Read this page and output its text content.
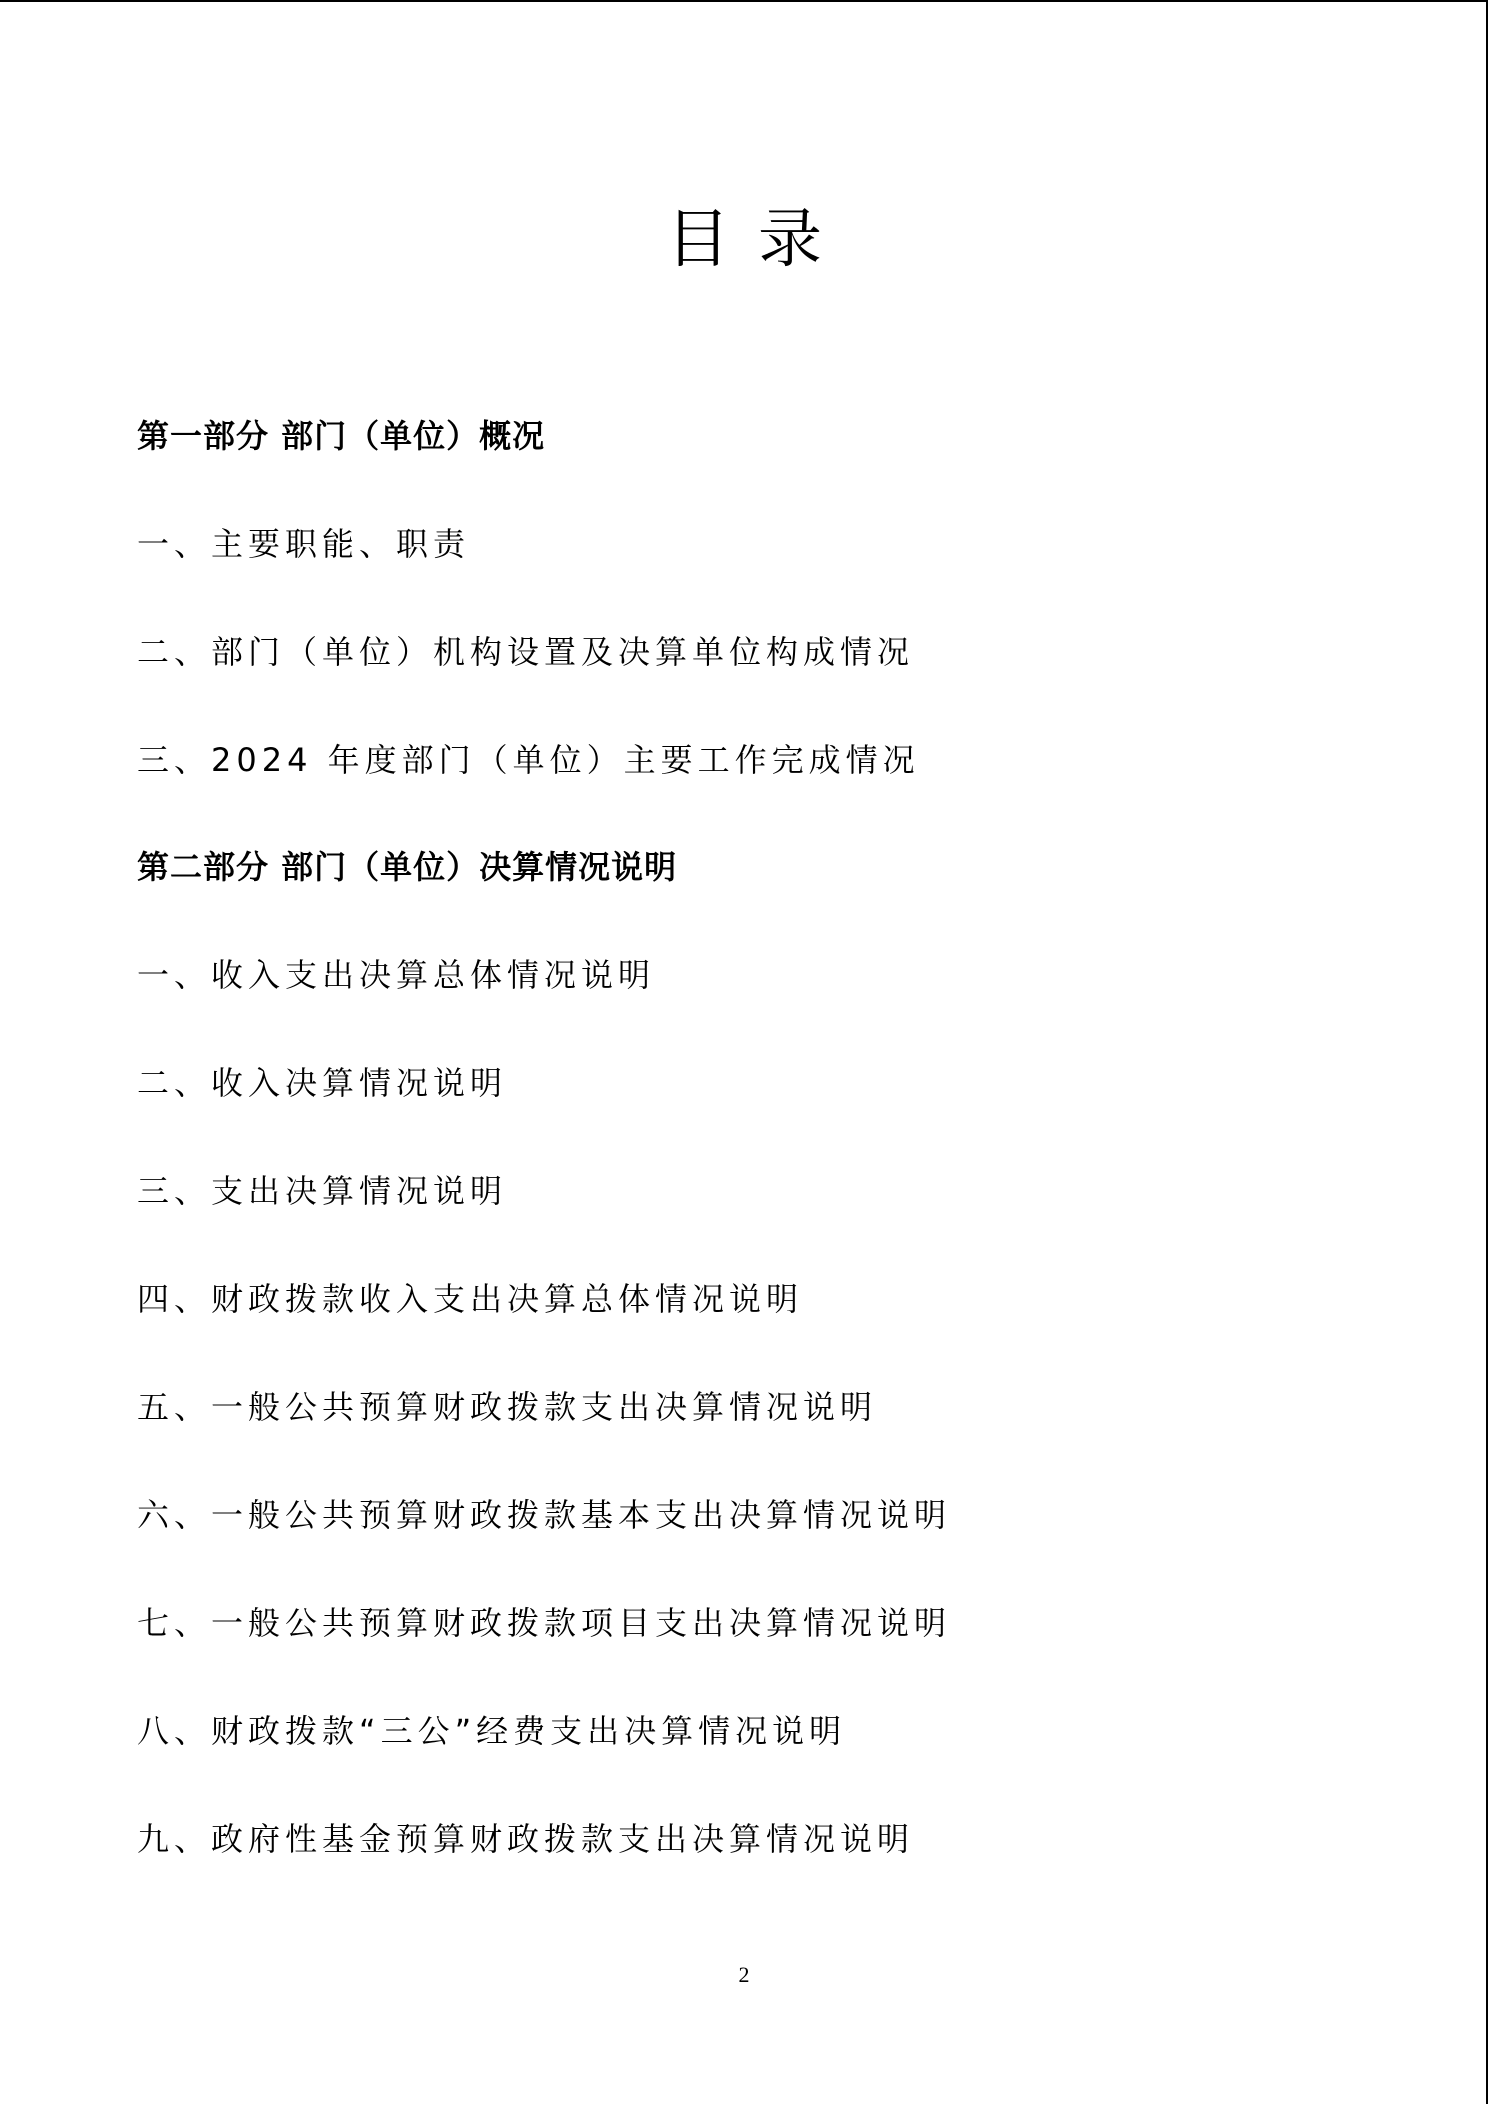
目录
第一部分 部门（单位）概况
一、主要职能、职责
二、部门（单位）机构设置及决算单位构成情况
三、2024 年度部门（单位）主要工作完成情况
第二部分 部门（单位）决算情况说明
一、收入支出决算总体情况说明
二、收入决算情况说明
三、支出决算情况说明
四、财政拨款收入支出决算总体情况说明
五、一般公共预算财政拨款支出决算情况说明
六、一般公共预算财政拨款基本支出决算情况说明
七、一般公共预算财政拨款项目支出决算情况说明
八、财政拨款“三公”经费支出决算情况说明
九、政府性基金预算财政拨款支出决算情况说明
2
